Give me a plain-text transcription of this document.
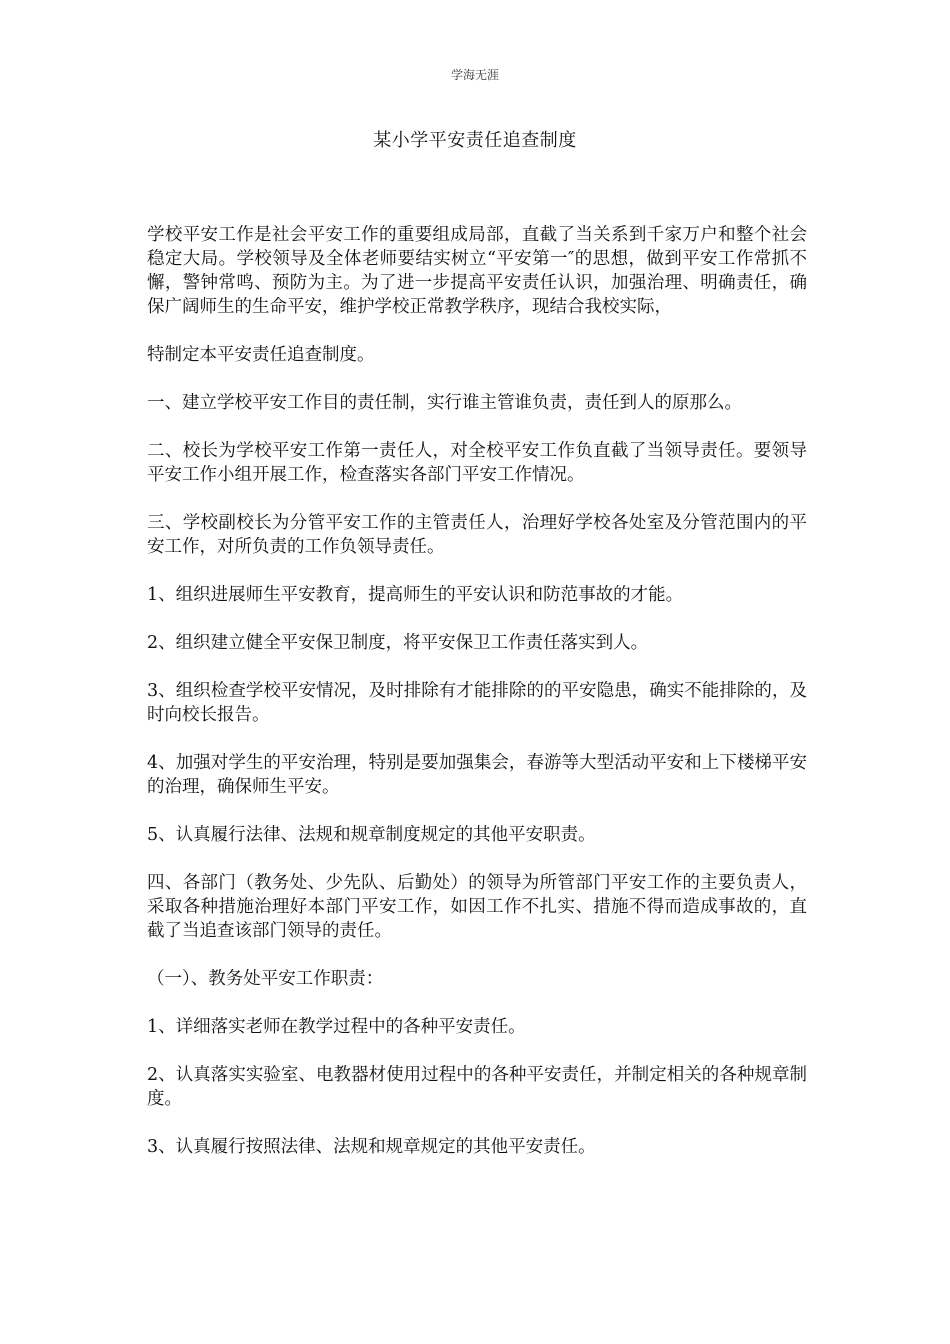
学海无涯
某小学平安责任追查制度

学校平安工作是社会平安工作的重要组成局部，直截了当关系到千家万户和整个社会稳定大局。学校领导及全体老师要结实树立“平安第一″的思想，做到平安工作常抓不懈，警钟常鸣、预防为主。为了进一步提高平安责任认识，加强治理、明确责任，确保广阔师生的生命平安，维护学校正常教学秩序，现结合我校实际，

特制定本平安责任追查制度。

一、建立学校平安工作目的责任制，实行谁主管谁负责，责任到人的原那么。

二、校长为学校平安工作第一责任人，对全校平安工作负直截了当领导责任。要领导平安工作小组开展工作，检查落实各部门平安工作情况。

三、学校副校长为分管平安工作的主管责任人，治理好学校各处室及分管范围内的平安工作，对所负责的工作负领导责任。

1、组织进展师生平安教育，提高师生的平安认识和防范事故的才能。

2、组织建立健全平安保卫制度，将平安保卫工作责任落实到人。

3、组织检查学校平安情况，及时排除有才能排除的的平安隐患，确实不能排除的，及时向校长报告。

4、加强对学生的平安治理，特别是要加强集会，春游等大型活动平安和上下楼梯平安的治理，确保师生平安。

5、认真履行法律、法规和规章制度规定的其他平安职责。

四、各部门（教务处、少先队、后勤处）的领导为所管部门平安工作的主要负责人，采取各种措施治理好本部门平安工作，如因工作不扎实、措施不得而造成事故的，直截了当追查该部门领导的责任。

（一）、教务处平安工作职责：

1、详细落实老师在教学过程中的各种平安责任。

2、认真落实实验室、电教器材使用过程中的各种平安责任，并制定相关的各种规章制度。

3、认真履行按照法律、法规和规章规定的其他平安责任。
